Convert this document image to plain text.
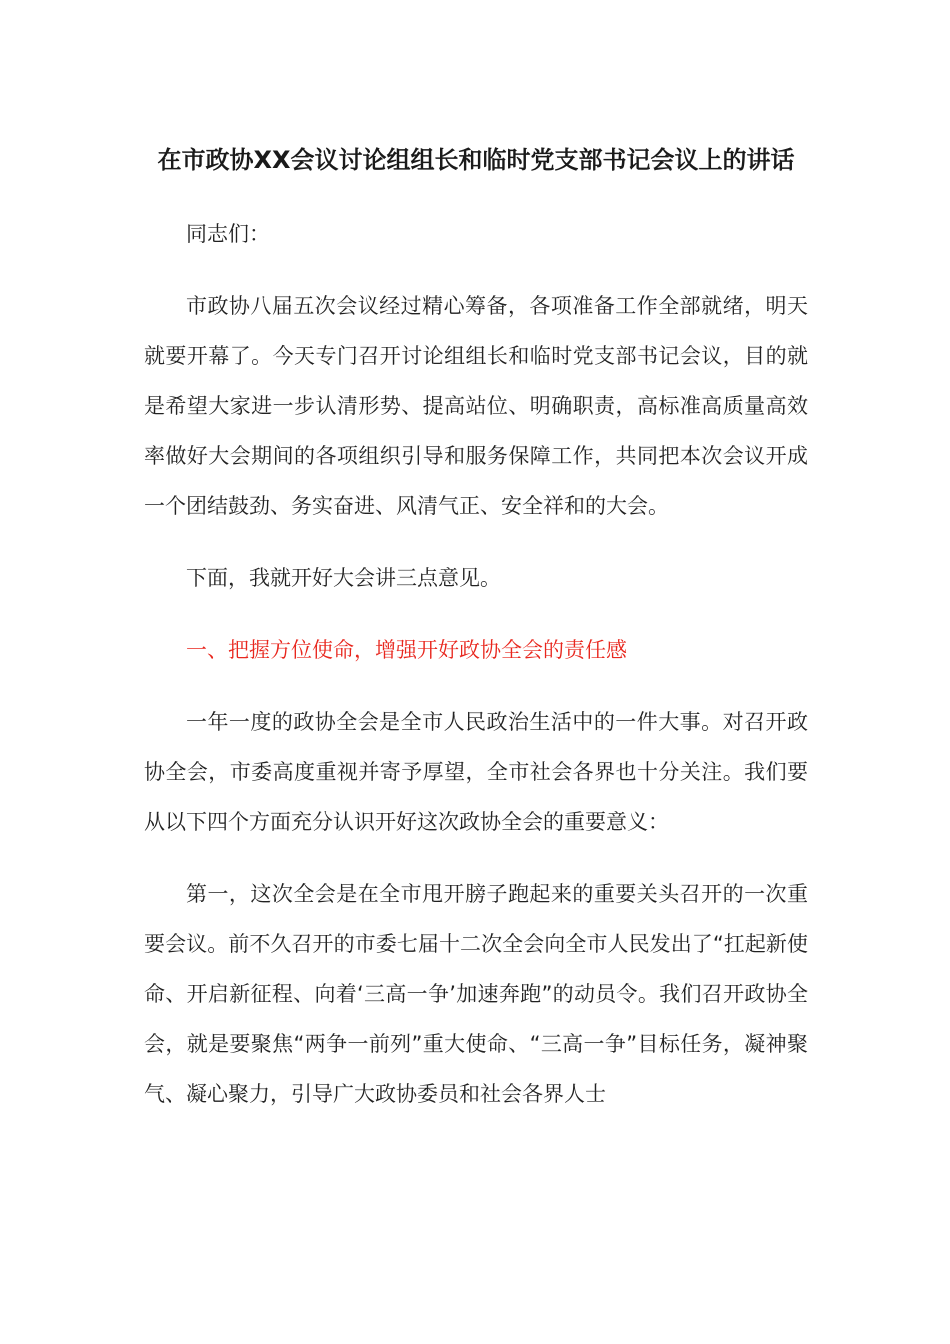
在市政协XX会议讨论组组长和临时党支部书记会议上的讲话

同志们：

市政协八届五次会议经过精心筹备，各项准备工作全部就绪，明天就要开幕了。今天专门召开讨论组组长和临时党支部书记会议，目的就是希望大家进一步认清形势、提高站位、明确职责，高标准高质量高效率做好大会期间的各项组织引导和服务保障工作，共同把本次会议开成一个团结鼓劲、务实奋进、风清气正、安全祥和的大会。

下面，我就开好大会讲三点意见。

一、把握方位使命，增强开好政协全会的责任感

一年一度的政协全会是全市人民政治生活中的一件大事。对召开政协全会，市委高度重视并寄予厚望，全市社会各界也十分关注。我们要从以下四个方面充分认识开好这次政协全会的重要意义：

第一，这次全会是在全市甩开膀子跑起来的重要关头召开的一次重要会议。前不久召开的市委七届十二次全会向全市人民发出了“扛起新使命、开启新征程、向着‘三高一争’加速奔跑”的动员令。我们召开政协全会，就是要聚焦“两争一前列”重大使命、“三高一争”目标任务，凝神聚气、凝心聚力，引导广大政协委员和社会各界人士
